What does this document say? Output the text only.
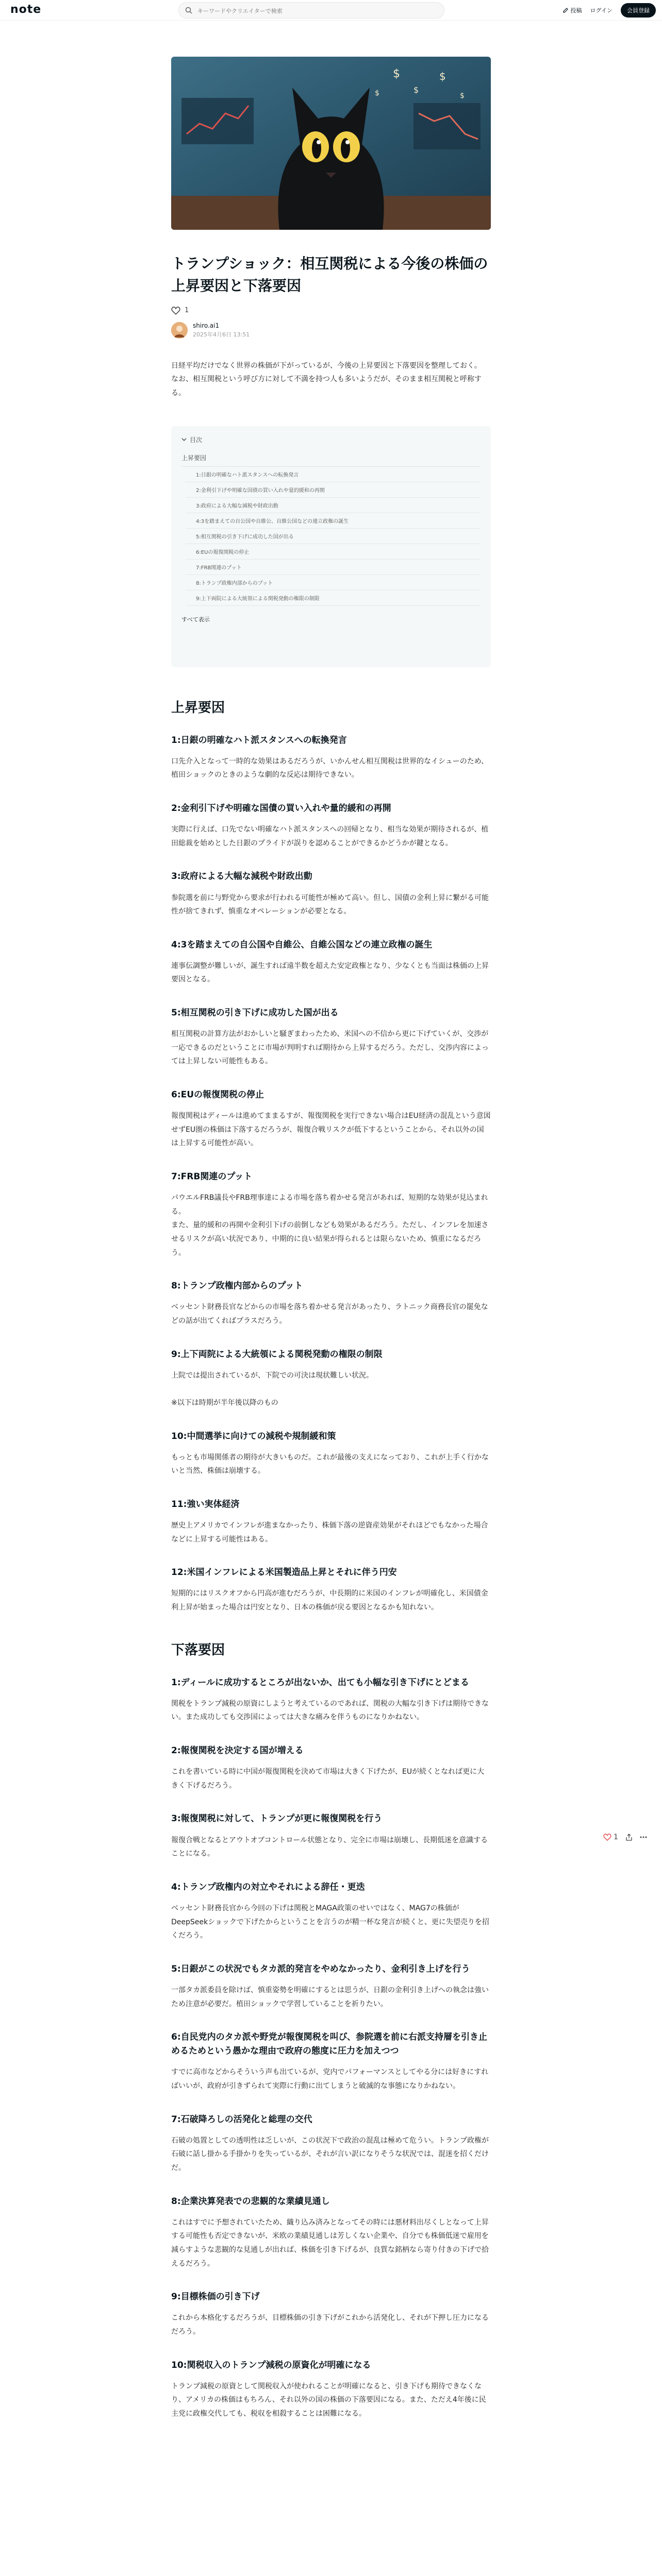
note
キーワードやクリエイターで検索	投稿 ログイン	会員登録
$
$
$
$
$
トランプショック：相互関税による今後の株価の上昇要因と下落要因
1
shiro.ai1
2025年4月6日 13:51

日経平均だけでなく世界の株価が下がっているが、今後の上昇要因と下落要因を整理しておく。

なお、相互関税という呼び方に対して不満を持つ人も多いようだが、そのまま相互関税と呼称する。

目次
上昇要因
1:日銀の明確なハト派スタンスへの転換発言
2:金利引下げや明確な国債の買い入れや量的緩和の再開
3:政府による大幅な減税や財政出動
4:3を踏まえての自公国や自維公、自維公国などの連立政権の誕生
5:相互関税の引き下げに成功した国が出る
6:EUの報復関税の停止
7:FRB関連のプット
8:トランプ政権内部からのプット
9:上下両院による大統領による関税発動の権限の制限
すべて表示
上昇要因
1:日銀の明確なハト派スタンスへの転換発言

口先介入となって一時的な効果はあるだろうが、いかんせん相互関税は世界的なイシューのため、植田ショックのときのような劇的な反応は期待できない。

2:金利引下げや明確な国債の買い入れや量的緩和の再開

実際に行えば、口先でない明確なハト派スタンスへの回帰となり、相当な効果が期待されるが、植田総裁を始めとした日銀のプライドが誤りを認めることができるかどうかが鍵となる。

3:政府による大幅な減税や財政出動

参院選を前に与野党から要求が行われる可能性が極めて高い。但し、国債の金利上昇に繋がる可能性が捨てきれず、慎重なオペレーションが必要となる。

4:3を踏まえての自公国や自維公、自維公国などの連立政権の誕生

連事伝調整が難しいが、誕生すれば遠半数を超えた安定政権となり、少なくとも当面は株価の上昇要因となる。

5:相互関税の引き下げに成功した国が出る

相互関税の計算方法がおかしいと騒ぎまわったため、米国への不信から更に下げていくが、交渉が一応できるのだということに市場が判明すれば期待から上昇するだろう。ただし、交渉内容によっては上昇しない可能性もある。

6:EUの報復関税の停止

報復関税はディールは進めてままるすが、報復関税を実行できない場合はEU経済の混乱という意図せずEU圏の株価は下落するだろうが、報復合戦リスクが低下するということから、それ以外の国は上昇する可能性が高い。

7:FRB関連のプット

パウエルFRB議長やFRB理事達による市場を落ち着かせる発言があれば、短期的な効果が見込まれる。
また、量的緩和の再開や金利引下げの前倒しなども効果があるだろう。ただし、インフレを加速させるリスクが高い状況であり、中期的に良い結果が得られるとは限らないため、慎重になるだろう。

8:トランプ政権内部からのプット

ベッセント財務長官などからの市場を落ち着かせる発言があったり、ラトニック商務長官の罷免などの話が出てくればプラスだろう。

9:上下両院による大統領による関税発動の権限の制限

上院では提出されているが、下院での可決は現状難しい状況。

※以下は時期が半年後以降のもの

10:中間選挙に向けての減税や規制緩和策

もっとも市場関係者の期待が大きいものだ。これが最後の支えになっており、これが上手く行かないと当然、株価は崩壊する。

11:強い実体経済

歴史上アメリカでインフレが進まなかったり、株価下落の逆資産効果がそれほどでもなかった場合などに上昇する可能性はある。

12:米国インフレによる米国製造品上昇とそれに伴う円安

短期的にはリスクオフから円高が進むだろうが、中長期的に米国のインフレが明確化し、米国債金利上昇が始まった場合は円安となり、日本の株価が戻る要因となるかも知れない。

下落要因
1:ディールに成功するところが出ないか、出ても小幅な引き下げにとどまる

関税をトランプ減税の原資にしようと考えているのであれば、関税の大幅な引き下げは期待できない。また成功しても交渉国によっては大きな痛みを伴うものになりかねない。

2:報復関税を決定する国が増える

これを書いている時に中国が報復関税を決めて市場は大きく下げたが、EUが続くとなれば更に大きく下げるだろう。

3:報復関税に対して、トランプが更に報復関税を行う

報復合戦となるとアウトオブコントロール状態となり、完全に市場は崩壊し、長期低迷を意識することになる。

4:トランプ政権内の対立やそれによる辞任・更迭

ベッセント財務長官から今回の下げは関税とMAGA政策のせいではなく、MAG7の株価がDeepSeekショックで下げたからということを言うのが精一杯な発言が続くと、更に失望売りを招くだろう。

5:日銀がこの状況でもタカ派的発言をやめなかったり、金利引き上げを行う

一部タカ派委員を除けば、慎重姿勢を明確にするとは思うが、日銀の金利引き上げへの執念は強いため注意が必要だ。植田ショックで学習していることを祈りたい。

6:自民党内のタカ派や野党が報復関税を叫び、参院選を前に右派支持層を引き止めるためという愚かな理由で政府の態度に圧力を加えつつ

すでに高市などからそういう声も出ているが、党内でパフォーマンスとしてやる分には好きにすればいいが、政府が引きずられて実際に行動に出てしまうと破滅的な事態になりかねない。

7:石破降ろしの活発化と総理の交代

石破の処置としての透明性は乏しいが、この状況下で政治の混乱は極めて危うい。トランプ政権が石破に話し掛かる手掛かりを失っているが、それが言い訳になりそうな状況では、混迷を招くだけだ。

8:企業決算発表での悲観的な業績見通し

これはすでに予想されていたため、織り込み済みとなってその時には悪材料出尽くしとなって上昇する可能性も否定できないが、米欧の業績見通しは芳しくない企業や、自分でも株価低迷で雇用を減らすような悲観的な見通しが出れば、株価を引き下げるが、良質な銘柄なら寄り付きの下げで拾えるだろう。

9:目標株価の引き下げ

これから本格化するだろうが、目標株価の引き下げがこれから活発化し、それが下押し圧力になるだろう。

10:関税収入のトランプ減税の原資化が明確になる

トランプ減税の原資として関税収入が使われることが明確になると、引き下げも期待できなくなり、アメリカの株価はもちろん、それ以外の国の株価の下落要因になる。また、ただえ4年後に民主党に政権交代しても、税収を相殺することは困難になる。

1
